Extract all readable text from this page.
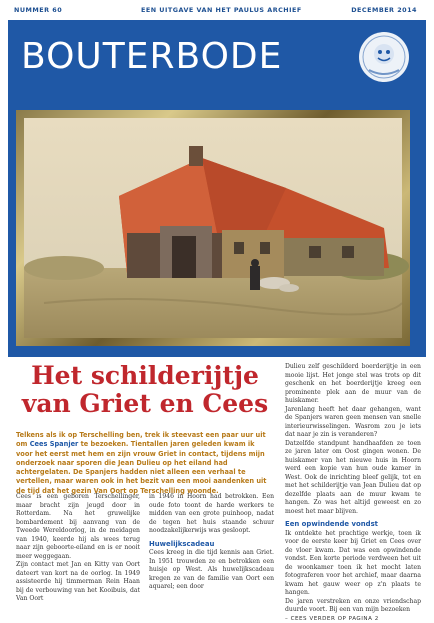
NUMMER 60	EEN UITGAVE VAN HET PAULUS ARCHIEF	DECEMBER 2014
BOUTERBODE
Het schilderijtje
van Griet en Cees
Telkens als ik op Terschelling ben, trek ik steevast een paar uur uit om Cees Spanjer te bezoeken. Tientallen jaren geleden kwam ik voor het eerst met hem en zijn vrouw Griet in contact, tijdens mijn onderzoek naar sporen die Jean Dulieu op het eiland had achtergelaten. De Spanjers hadden niet alleen een verhaal te vertellen, maar waren ook in het bezit van een mooi aandenken uit de tijd dat het gezin Van Oort op Terschelling woonde.

Cees is een geboren Terschellinger, maar bracht zijn jeugd door in Rotterdam. Na het gruwelijke bombardement bij aanvang van de Tweede Wereldoorlog, in de meidagen van 1940, keerde hij als wees terug naar zijn geboorte-eiland en is er nooit meer weggegaan.

Zijn contact met Jan en Kitty van Oort dateert van kort na de oorlog. In 1949 assisteerde hij timmerman Rein Haan bij de verbouwing van het Kooibuis, dat Van Oort

in 1946 in Hoorn had betrokken. Een oude foto toont de harde werkers te midden van een grote puinhoop, nadat de tegen het huis staande schuur noodzakelijkerwijs was gesloopt.

Huwelijkscadeau

Cees kreeg in die tijd kennis aan Griet. In 1951 trouwden ze en betrokken een huisje op West. Als huwelijkscadeau kregen ze van de familie van Oort een aquarel; een door

Dulieu zelf geschilderd boerderijtje in een mooie lijst. Het jonge stel was trots op dit geschenk en het boerderijtje kreeg een prominente plek aan de muur van de huiskamer.

Jarenlang heeft het daar gehangen, want de Spanjers waren geen mensen van snelle interieurwisselingen. Wasrom zou je iets dat naar je zin is veranderen?

Datzelfde standpunt handhaafden ze toen ze jaren later om Oost gingen wonen. De huiskamer van het nieuwe huis in Hoorn werd een kopie van hun oude kamer in West. Ook de inrichting bleef gelijk, tot en met het schilderijtje van Jean Dulieu dat op dezelfde plaats aan de muur kwam te hangen. Zo was het altijd geweest en zo moest het maar blijven.

Een opwindende vondst

Ik ontdekte het prachtige werkje, toen ik voor de eerste keer bij Griet en Cees over de vloer kwam. Dat was een opwindende vondst. Een korte periode verdween het uit de woonkamer toen ik het mocht laten fotograferen voor het archief, maar daarna kwam het gauw weer op z'n plaats te hangen.

De jaren verstreken en onze vriendschap duurde voort. Bij een van mijn bezoeken

– CEES VERDER OP PAGINA 2
